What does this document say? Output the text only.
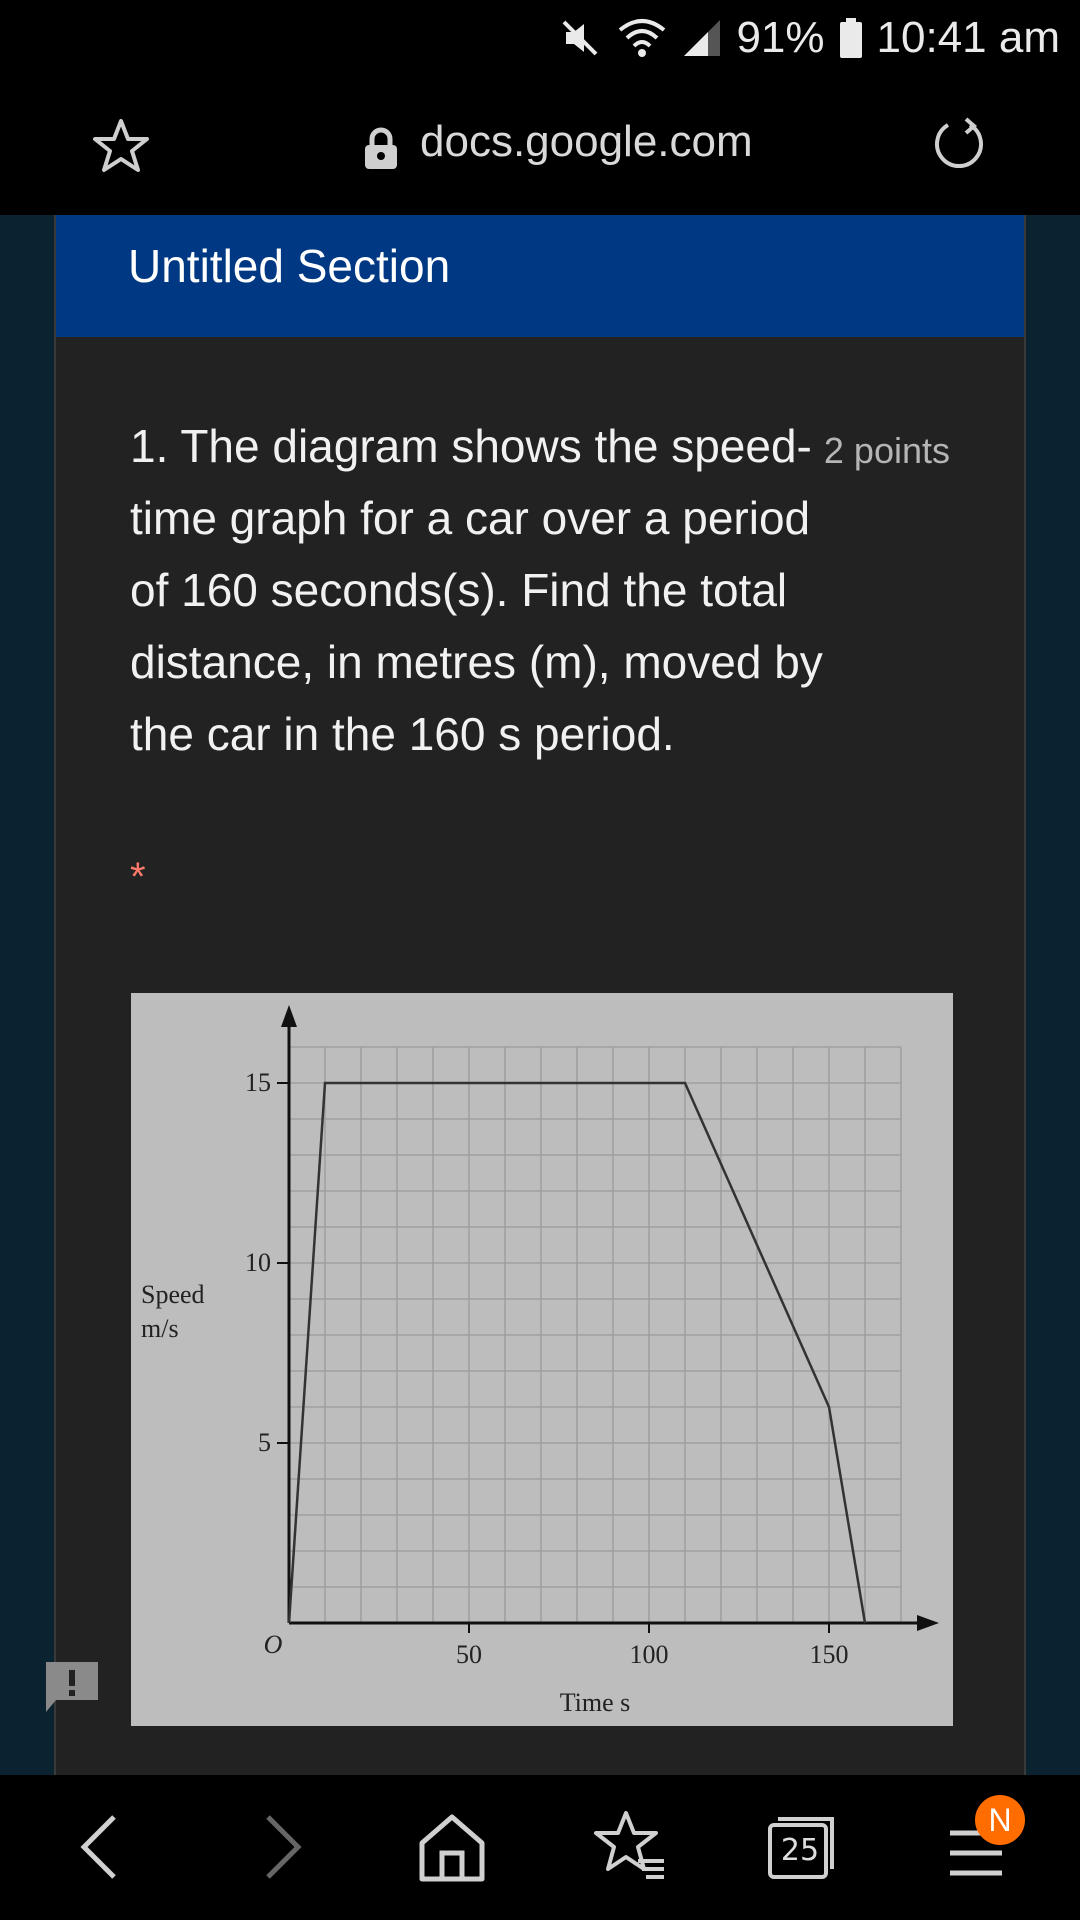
91% 10:41 am
docs.google.com
Untitled Section
1. The diagram shows the speed-time graph for a car over a period of 160 seconds(s). Find the total distance, in metres (m), moved by the car in the 160 s period.
2 points
*
50	100	150
5
10
15
Speed
m/s
Time s
O
25
N
